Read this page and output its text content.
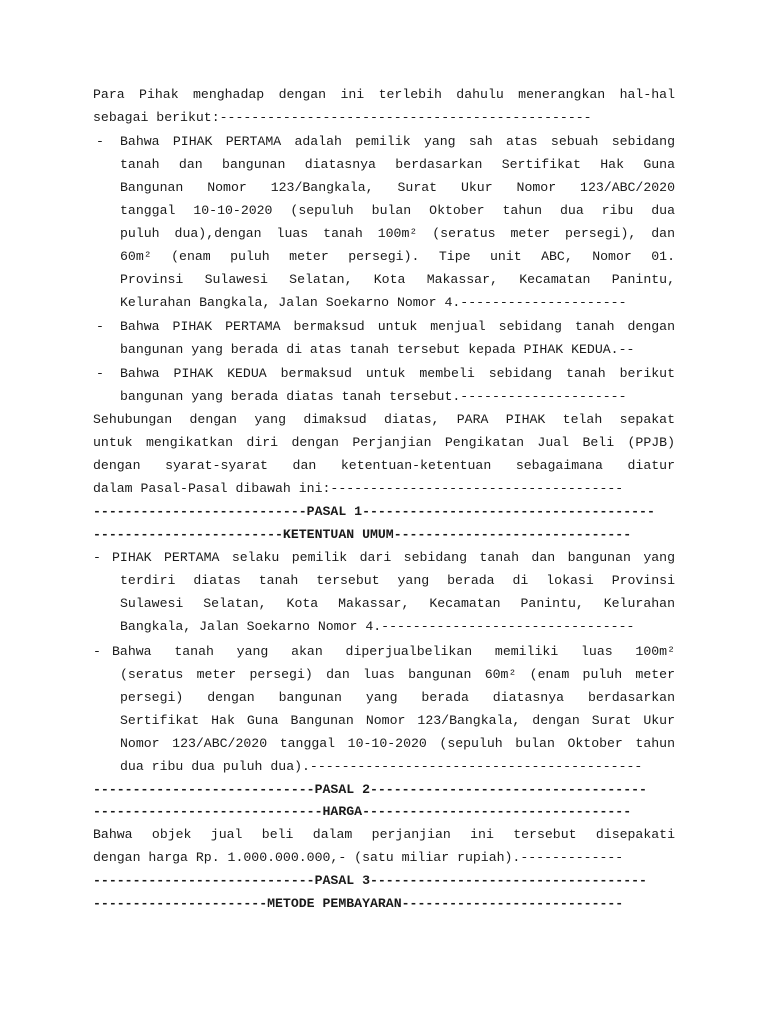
Para Pihak menghadap dengan ini terlebih dahulu menerangkan hal-hal
sebagai berikut:-----------------------------------------------
-	Bahwa PIHAK PERTAMA adalah pemilik yang sah atas sebuah sebidang
tanah dan bangunan diatasnya berdasarkan Sertifikat Hak Guna
Bangunan Nomor 123/Bangkala, Surat Ukur Nomor 123/ABC/2020
tanggal 10-10-2020 (sepuluh bulan Oktober tahun dua ribu dua
puluh dua),dengan luas tanah 100m² (seratus meter persegi), dan
60m² (enam puluh meter persegi). Tipe unit ABC, Nomor 01.
Provinsi Sulawesi Selatan, Kota Makassar, Kecamatan Panintu,
Kelurahan Bangkala, Jalan Soekarno Nomor 4.---------------------
-	Bahwa PIHAK PERTAMA bermaksud untuk menjual sebidang tanah dengan
bangunan yang berada di atas tanah tersebut kepada PIHAK KEDUA.--
-	Bahwa PIHAK KEDUA bermaksud untuk membeli sebidang tanah berikut
bangunan yang berada diatas tanah tersebut.---------------------
Sehubungan dengan yang dimaksud diatas, PARA PIHAK telah sepakat
untuk mengikatkan diri dengan Perjanjian Pengikatan Jual Beli (PPJB)
dengan syarat-syarat dan ketentuan-ketentuan sebagaimana diatur
dalam Pasal-Pasal dibawah ini:-------------------------------------
---------------------------PASAL 1-------------------------------------
------------------------KETENTUAN UMUM------------------------------
- PIHAK PERTAMA selaku pemilik dari sebidang tanah dan bangunan yang
terdiri diatas tanah tersebut yang berada di lokasi Provinsi
Sulawesi Selatan, Kota Makassar, Kecamatan Panintu, Kelurahan
Bangkala, Jalan Soekarno Nomor 4.--------------------------------
- Bahwa tanah yang akan diperjualbelikan memiliki luas 100m²
(seratus meter persegi) dan luas bangunan 60m² (enam puluh meter
persegi) dengan bangunan yang berada diatasnya berdasarkan
Sertifikat Hak Guna Bangunan Nomor 123/Bangkala, dengan Surat Ukur
Nomor 123/ABC/2020 tanggal 10-10-2020 (sepuluh bulan Oktober tahun
dua ribu dua puluh dua).------------------------------------------
----------------------------PASAL 2-----------------------------------
-----------------------------HARGA----------------------------------
Bahwa objek jual beli dalam perjanjian ini tersebut disepakati
dengan harga Rp. 1.000.000.000,- (satu miliar rupiah).-------------
----------------------------PASAL 3-----------------------------------
----------------------METODE PEMBAYARAN----------------------------
